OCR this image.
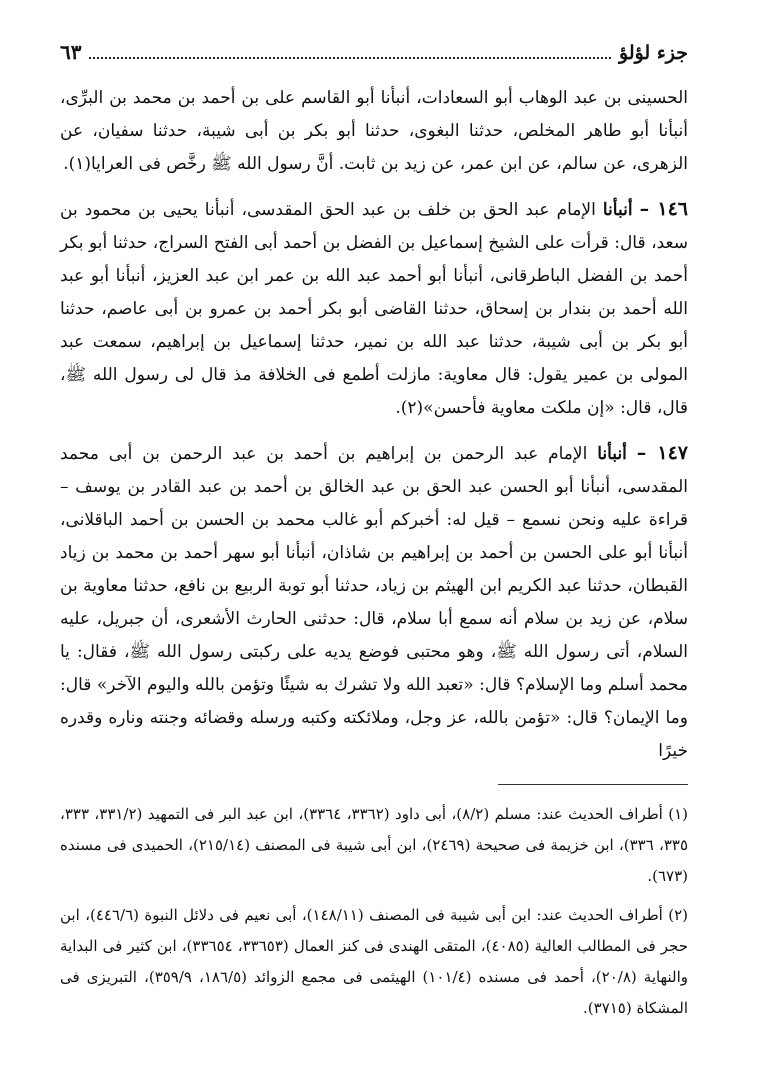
جزء لؤلؤ
٦٣

الحسينى بن عبد الوهاب أبو السعادات، أنبأنا أبو القاسم على بن أحمد بن محمد بن البرِّى، أنبأنا أبو طاهر المخلص، حدثنا البغوى، حدثنا أبو بكر بن أبى شيبة، حدثنا سفيان، عن الزهرى، عن سالم، عن ابن عمر، عن زيد بن ثابت. أنَّ رسول الله ﷺ رخَّص فى العرايا(١).

١٤٦ – أنبأنا الإمام عبد الحق بن خلف بن عبد الحق المقدسى، أنبأنا يحيى بن محمود بن سعد، قال: قرأت على الشيخ إسماعيل بن الفضل بن أحمد أبى الفتح السراج، حدثنا أبو بكر أحمد بن الفضل الباطرقانى، أنبأنا أبو أحمد عبد الله بن عمر ابن عبد العزيز، أنبأنا أبو عبد الله أحمد بن بندار بن إسحاق، حدثنا القاضى أبو بكر أحمد بن عمرو بن أبى عاصم، حدثنا أبو بكر بن أبى شيبة، حدثنا عبد الله بن نمير، حدثنا إسماعيل بن إبراهيم، سمعت عبد المولى بن عمير يقول: قال معاوية: مازلت أطمع فى الخلافة مذ قال لى رسول الله ﷺ، قال، قال: «إن ملكت معاوية فأحسن»(٢).

١٤٧ – أنبأنا الإمام عبد الرحمن بن إبراهيم بن أحمد بن عبد الرحمن بن أبى محمد المقدسى، أنبأنا أبو الحسن عبد الحق بن عبد الخالق بن أحمد بن عبد القادر بن يوسف – قراءة عليه ونحن نسمع – قيل له: أخبركم أبو غالب محمد بن الحسن بن أحمد الباقلانى، أنبأنا أبو على الحسن بن أحمد بن إبراهيم بن شاذان، أنبأنا أبو سهر أحمد بن محمد بن زياد القبطان، حدثنا عبد الكريم ابن الهيثم بن زياد، حدثنا أبو توبة الربيع بن نافع، حدثنا معاوية بن سلام، عن زيد بن سلام أنه سمع أبا سلام، قال: حدثنى الحارث الأشعرى، أن جبريل، عليه السلام، أتى رسول الله ﷺ، وهو محتبى فوضع يديه على ركبتى رسول الله ﷺ، فقال: يا محمد أسلم وما الإسلام؟ قال: «تعبد الله ولا تشرك به شيئًا وتؤمن بالله واليوم الآخر» قال: وما الإيمان؟ قال: «تؤمن بالله، عز وجل، وملائكته وكتبه ورسله وقضائه وجنته وناره وقدره خيرًا

(١) أطراف الحديث عند: مسلم (٨/٢)، أبى داود (٣٣٦٢، ٣٣٦٤)، ابن عبد البر فى التمهيد (٣٣١/٢، ٣٣٣، ٣٣٥، ٣٣٦)، ابن خزيمة فى صحيحة (٢٤٦٩)، ابن أبى شيبة فى المصنف (٢١٥/١٤)، الحميدى فى مسنده (٦٧٣).

(٢) أطراف الحديث عند: ابن أبى شيبة فى المصنف (١٤٨/١١)، أبى نعيم فى دلائل النبوة (٤٤٦/٦)، ابن حجر فى المطالب العالية (٤٠٨٥)، المتقى الهندى فى كنز العمال (٣٣٦٥٣، ٣٣٦٥٤)، ابن كثير فى البداية والنهاية (٢٠/٨)، أحمد فى مسنده (١٠١/٤) الهيثمى فى مجمع الزوائد (١٨٦/٥، ٣٥٩/٩)، التبريزى فى المشكاة (٣٧١٥).
